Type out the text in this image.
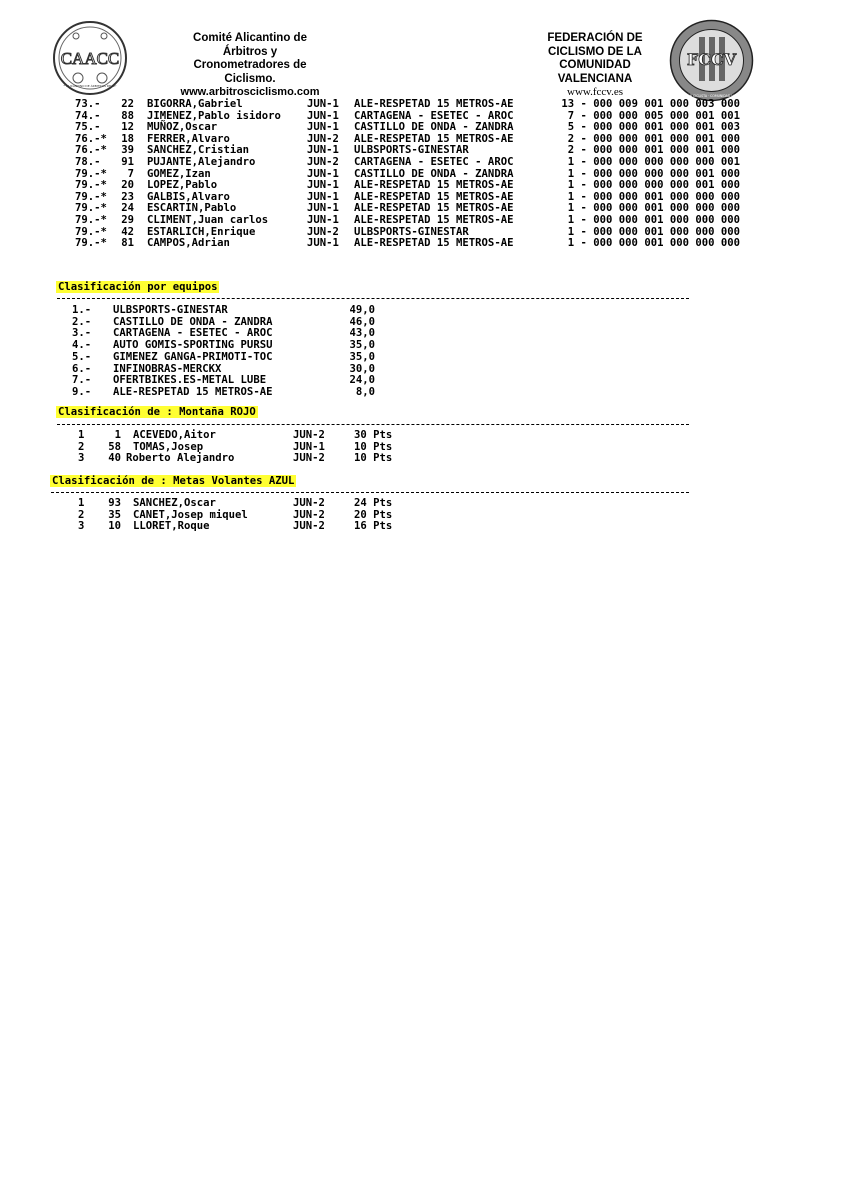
CAACC
COMITÉ ALICANTINO DE ÁRBITROS DE CICLISMO
Comité Alicantino de
Árbitros y
Cronometradores de
Ciclismo.
www.arbitrosciclismo.com
FEDERACIÓN DE
CICLISMO DE LA
COMUNIDAD
VALENCIANA
www.fccv.es
FCCV
FEDERACIÓN CICLISTA · COMUNIDAD VALENCIANA
73.-	22 BIGORRA,Gabriel	JUN-1 ALE-RESPETAD 15 METROS-AE	13 - 000 009 001 000 003 000
74.-	88 JIMENEZ,Pablo isidoro JUN-1 CARTAGENA - ESETEC - AROC	7 - 000 000 005 000 001 001
75.-	12 MUÑOZ,Oscar	JUN-1 CASTILLO DE ONDA - ZANDRA	5 - 000 000 001 000 001 003
76.-*	18 FERRER,Alvaro	JUN-2 ALE-RESPETAD 15 METROS-AE	2 - 000 000 001 000 001 000
76.-*	39 SANCHEZ,Cristian	JUN-1 ULBSPORTS-GINESTAR	2 - 000 000 001 000 001 000
78.-	91 PUJANTE,Alejandro	JUN-2 CARTAGENA - ESETEC - AROC	1 - 000 000 000 000 000 001
79.-*	7 GOMEZ,Izan	JUN-1 CASTILLO DE ONDA - ZANDRA	1 - 000 000 000 000 001 000
79.-*	20 LOPEZ,Pablo	JUN-1 ALE-RESPETAD 15 METROS-AE	1 - 000 000 000 000 001 000
79.-*	23 GALBIS,Alvaro	JUN-1 ALE-RESPETAD 15 METROS-AE	1 - 000 000 001 000 000 000
79.-*	24 ESCARTIN,Pablo	JUN-1 ALE-RESPETAD 15 METROS-AE	1 - 000 000 001 000 000 000
79.-*	29 CLIMENT,Juan carlos	JUN-1 ALE-RESPETAD 15 METROS-AE	1 - 000 000 001 000 000 000
79.-*	42 ESTARLICH,Enrique	JUN-2 ULBSPORTS-GINESTAR	1 - 000 000 001 000 000 000
79.-*	81 CAMPOS,Adrian	JUN-1 ALE-RESPETAD 15 METROS-AE	1 - 000 000 001 000 000 000
Clasificación por equipos
1.- ULBSPORTS-GINESTAR	49,0
2.- CASTILLO DE ONDA - ZANDRA	46,0
3.- CARTAGENA - ESETEC - AROC	43,0
4.- AUTO GOMIS-SPORTING PURSU	35,0
5.- GIMENEZ GANGA-PRIMOTI-TOC	35,0
6.- INFINOBRAS-MERCKX	30,0
7.- OFERTBIKES.ES-METAL LUBE	24,0
9.- ALE-RESPETAD 15 METROS-AE	8,0
Clasificación de : Montaña ROJO
1	1 ACEVEDO,Aitor	JUN-2	30 Pts
2	58 TOMAS,Josep	JUN-1	10 Pts
3	40 Roberto Alejandro	JUN-2	10 Pts
Clasificación de : Metas Volantes AZUL
1	93 SANCHEZ,Oscar	JUN-2	24 Pts
2	35 CANET,Josep miquel	JUN-2	20 Pts
3	10 LLORET,Roque	JUN-2	16 Pts
